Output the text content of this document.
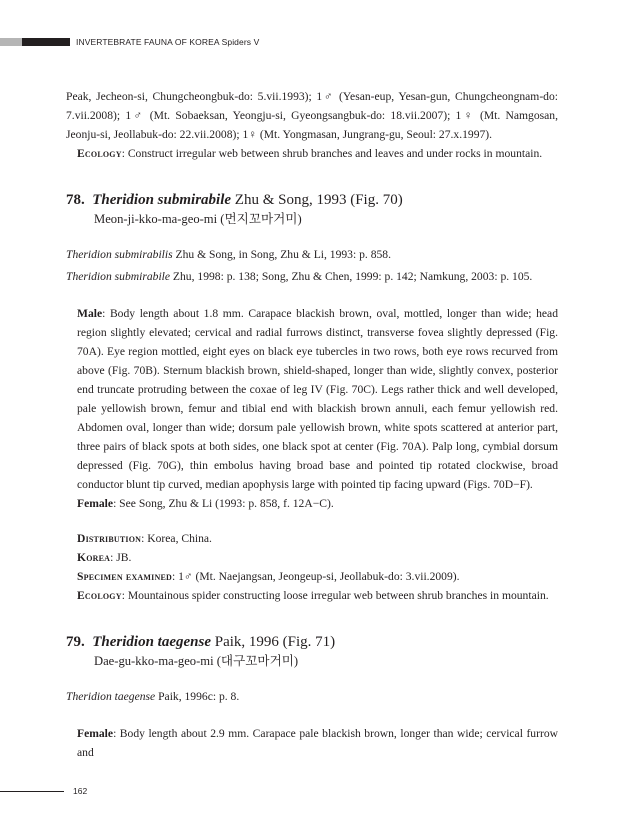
INVERTEBRATE FAUNA OF KOREA Spiders V

Peak, Jecheon-si, Chungcheongbuk-do: 5.vii.1993); 1♂ (Yesan-eup, Yesan-gun, Chungcheongnam-do: 7.vii.2008); 1♂ (Mt. Sobaeksan, Yeongju-si, Gyeongsangbuk-do: 18.vii.2007); 1♀ (Mt. Namgosan, Jeonju-si, Jeollabuk-do: 22.vii.2008); 1♀ (Mt. Yongmasan, Jungrang-gu, Seoul: 27.x.1997).

Ecology: Construct irregular web between shrub branches and leaves and under rocks in mountain.

78. Theridion submirabile Zhu & Song, 1993 (Fig. 70)
Meon-ji-kko-ma-geo-mi (먼지꼬마거미)

Theridion submirabilis Zhu & Song, in Song, Zhu & Li, 1993: p. 858.

Theridion submirabile Zhu, 1998: p. 138; Song, Zhu & Chen, 1999: p. 142; Namkung, 2003: p. 105.

Male: Body length about 1.8 mm. Carapace blackish brown, oval, mottled, longer than wide; head region slightly elevated; cervical and radial furrows distinct, transverse fovea slightly depressed (Fig. 70A). Eye region mottled, eight eyes on black eye tubercles in two rows, both eye rows recurved from above (Fig. 70B). Sternum blackish brown, shield-shaped, longer than wide, slightly convex, posterior end truncate protruding between the coxae of leg IV (Fig. 70C). Legs rather thick and well developed, pale yellowish brown, femur and tibial end with blackish brown annuli, each femur yellowish red. Abdomen oval, longer than wide; dorsum pale yellowish brown, white spots scattered at anterior part, three pairs of black spots at both sides, one black spot at center (Fig. 70A). Palp long, cymbial dorsum depressed (Fig. 70G), thin embolus having broad base and pointed tip rotated clockwise, broad conductor blunt tip curved, median apophysis large with pointed tip facing upward (Figs. 70D−F).

Female: See Song, Zhu & Li (1993: p. 858, f. 12A−C).

Distribution: Korea, China.

Korea: JB.

Specimen examined: 1♂ (Mt. Naejangsan, Jeongeup-si, Jeollabuk-do: 3.vii.2009).

Ecology: Mountainous spider constructing loose irregular web between shrub branches in mountain.

79. Theridion taegense Paik, 1996 (Fig. 71)
Dae-gu-kko-ma-geo-mi (대구꼬마거미)

Theridion taegense Paik, 1996c: p. 8.

Female: Body length about 2.9 mm. Carapace pale blackish brown, longer than wide; cervical furrow and

162
